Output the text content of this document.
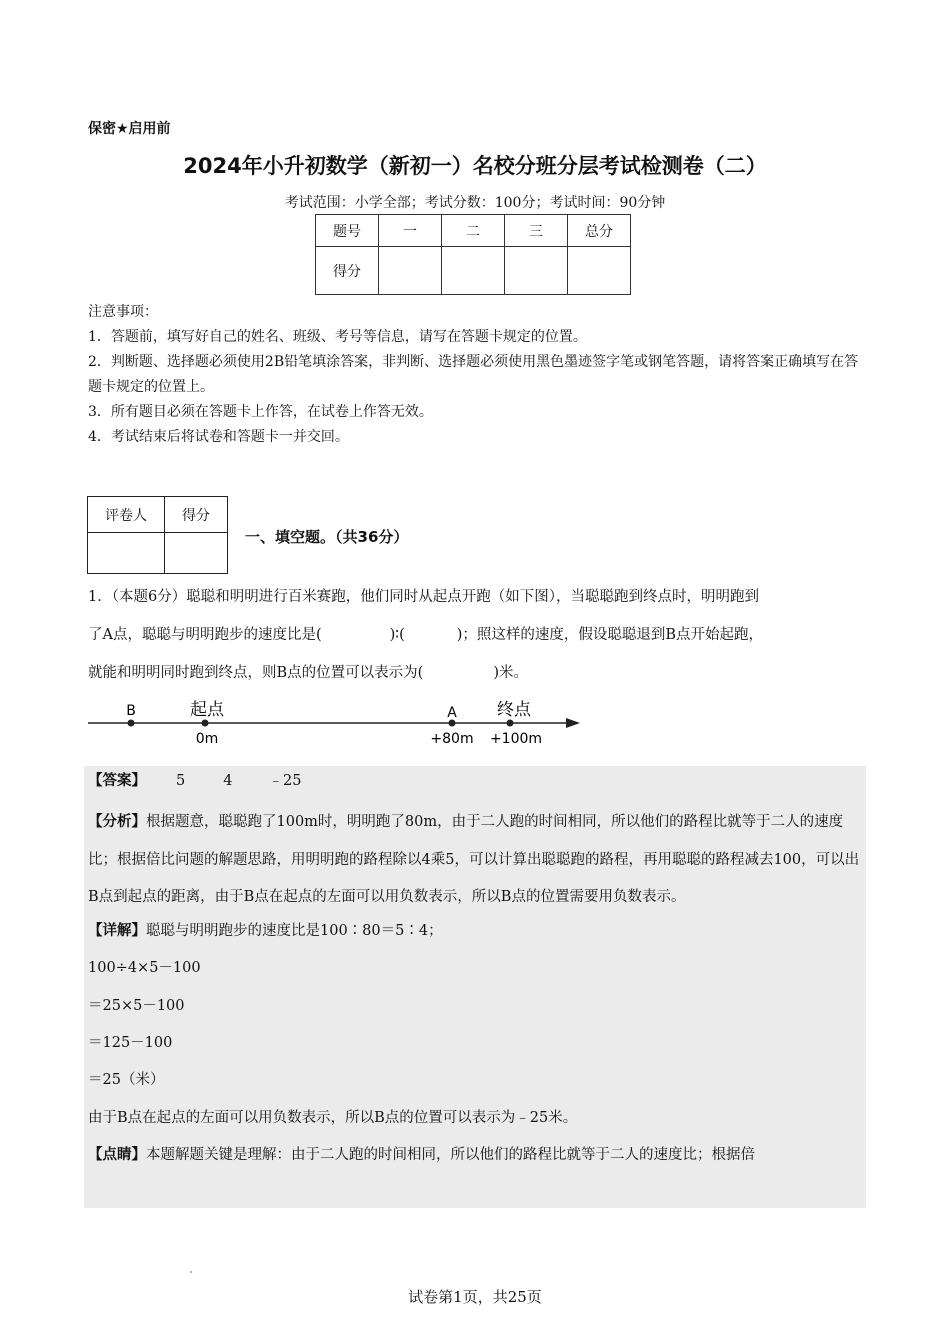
保密★启用前
2024年小升初数学（新初一）名校分班分层考试检测卷（二）
考试范围：小学全部；考试分数：100分；考试时间：90分钟
题号	一	二	三	总分
得分				

注意事项：

1．答题前，填写好自己的姓名、班级、考号等信息，请写在答题卡规定的位置。

2．判断题、选择题必须使用2B铅笔填涂答案，非判断、选择题必须使用黑色墨迹签字笔或钢笔答题，请将答案正确填写在答题卡规定的位置上。

3．所有题目必须在答题卡上作答，在试卷上作答无效。

4．考试结束后将试卷和答题卡一并交回。

评卷人	得分

一、填空题。（共36分）

1．（本题6分）聪聪和明明进行百米赛跑，他们同时从起点开跑（如下图），当聪聪跑到终点时，明明跑到

了A点，聪聪与明明跑步的速度比是(	)∶(	)；照这样的速度，假设聪聪退到B点开始起跑，

就能和明明同时跑到终点，则B点的位置可以表示为(	)米。

B	起点
0m
A
+80m
终点
+100m

【答案】 5	4 ﹣25

【分析】根据题意，聪聪跑了100m时，明明跑了80m，由于二人跑的时间相同，所以他们的路程比就等于二人的速度比；根据倍比问题的解题思路，用明明跑的路程除以4乘5，可以计算出聪聪跑的路程，再用聪聪的路程减去100，可以出B点到起点的距离，由于B点在起点的左面可以用负数表示，所以B点的位置需要用负数表示。

【详解】聪聪与明明跑步的速度比是100∶80＝5∶4；

100÷4×5－100

＝25×5－100

＝125－100

＝25（米）

由于B点在起点的左面可以用负数表示，所以B点的位置可以表示为﹣25米。

【点睛】本题解题关键是理解：由于二人跑的时间相同，所以他们的路程比就等于二人的速度比；根据倍

试卷第1页，共25页
